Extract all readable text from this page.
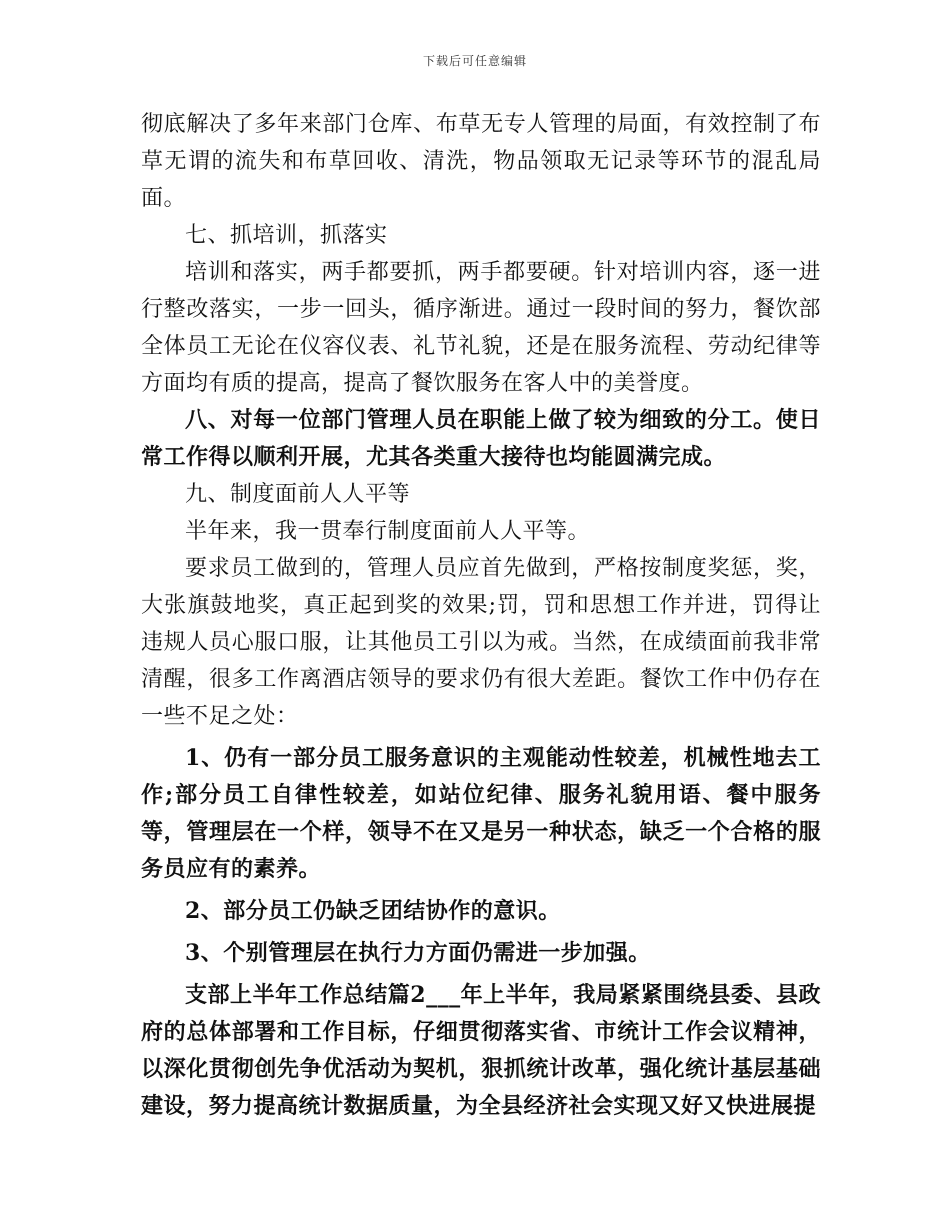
下载后可任意编辑

彻底解决了多年来部门仓库、布草无专人管理的局面，有效控制了布草无谓的流失和布草回收、清洗，物品领取无记录等环节的混乱局面。

七、抓培训，抓落实

培训和落实，两手都要抓，两手都要硬。针对培训内容，逐一进行整改落实，一步一回头，循序渐进。通过一段时间的努力，餐饮部全体员工无论在仪容仪表、礼节礼貌，还是在服务流程、劳动纪律等方面均有质的提高，提高了餐饮服务在客人中的美誉度。

八、对每一位部门管理人员在职能上做了较为细致的分工。使日常工作得以顺利开展，尤其各类重大接待也均能圆满完成。

九、制度面前人人平等

半年来，我一贯奉行制度面前人人平等。

要求员工做到的，管理人员应首先做到，严格按制度奖惩，奖，大张旗鼓地奖，真正起到奖的效果;罚，罚和思想工作并进，罚得让违规人员心服口服，让其他员工引以为戒。当然，在成绩面前我非常清醒，很多工作离酒店领导的要求仍有很大差距。餐饮工作中仍存在一些不足之处：

1、仍有一部分员工服务意识的主观能动性较差，机械性地去工作;部分员工自律性较差，如站位纪律、服务礼貌用语、餐中服务等，管理层在一个样，领导不在又是另一种状态，缺乏一个合格的服务员应有的素养。

2、部分员工仍缺乏团结协作的意识。

3、个别管理层在执行力方面仍需进一步加强。

支部上半年工作总结篇2___年上半年，我局紧紧围绕县委、县政府的总体部署和工作目标，仔细贯彻落实省、市统计工作会议精神，以深化贯彻创先争优活动为契机，狠抓统计改革，强化统计基层基础建设，努力提高统计数据质量，为全县经济社会实现又好又快进展提
